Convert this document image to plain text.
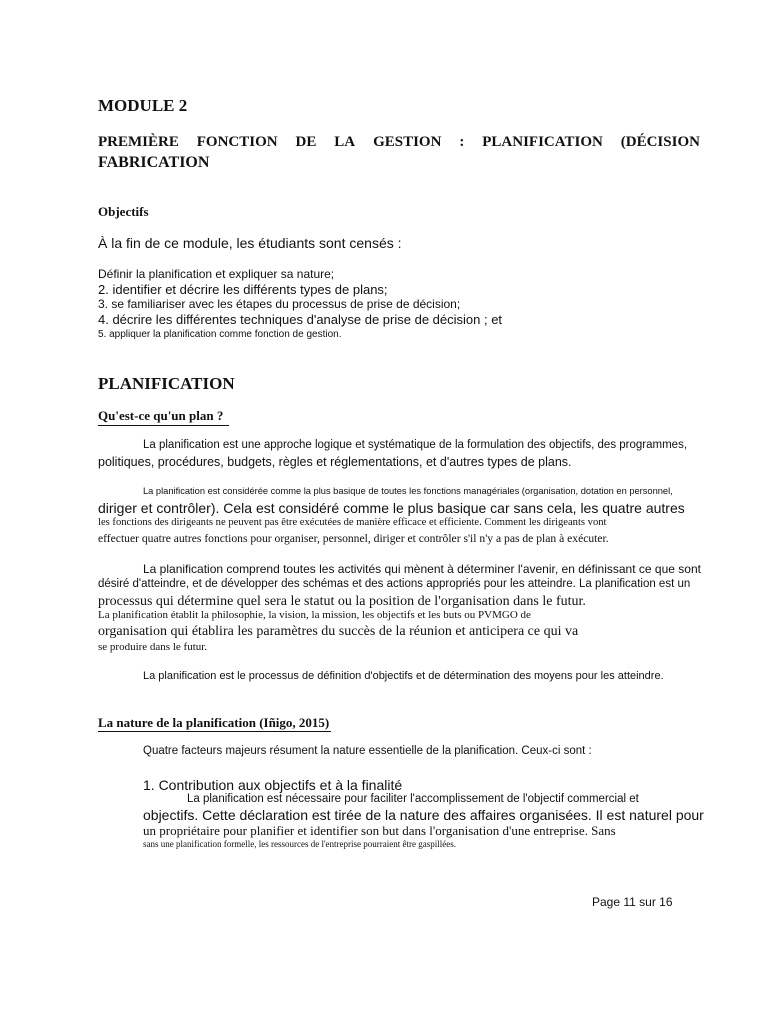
MODULE 2
PREMIÈRE FONCTION DE LA GESTION : PLANIFICATION (DÉCISION
FABRICATION
Objectifs
À la fin de ce module, les étudiants sont censés :
Définir la planification et expliquer sa nature;
2. identifier et décrire les différents types de plans;
3. se familiariser avec les étapes du processus de prise de décision;
4. décrire les différentes techniques d'analyse de prise de décision ; et
5. appliquer la planification comme fonction de gestion.
PLANIFICATION
Qu'est-ce qu'un plan ?
La planification est une approche logique et systématique de la formulation des objectifs, des programmes,
politiques, procédures, budgets, règles et réglementations, et d'autres types de plans.
La planification est considérée comme la plus basique de toutes les fonctions managériales (organisation, dotation en personnel,
diriger et contrôler). Cela est considéré comme le plus basique car sans cela, les quatre autres
les fonctions des dirigeants ne peuvent pas être exécutées de manière efficace et efficiente. Comment les dirigeants vont
effectuer quatre autres fonctions pour organiser, personnel, diriger et contrôler s'il n'y a pas de plan à exécuter.
La planification comprend toutes les activités qui mènent à déterminer l'avenir, en définissant ce que sont
désiré d'atteindre, et de développer des schémas et des actions appropriés pour les atteindre. La planification est un
processus qui détermine quel sera le statut ou la position de l'organisation dans le futur.
La planification établit la philosophie, la vision, la mission, les objectifs et les buts ou PVMGO de
organisation qui établira les paramètres du succès de la réunion et anticipera ce qui va
se produire dans le futur.
La planification est le processus de définition d'objectifs et de détermination des moyens pour les atteindre.
La nature de la planification (Iñigo, 2015)
Quatre facteurs majeurs résument la nature essentielle de la planification. Ceux-ci sont :
1. Contribution aux objectifs et à la finalité
La planification est nécessaire pour faciliter l'accomplissement de l'objectif commercial et
objectifs. Cette déclaration est tirée de la nature des affaires organisées. Il est naturel pour
un propriétaire pour planifier et identifier son but dans l'organisation d'une entreprise. Sans
sans une planification formelle, les ressources de l'entreprise pourraient être gaspillées.
Page 11 sur 16
